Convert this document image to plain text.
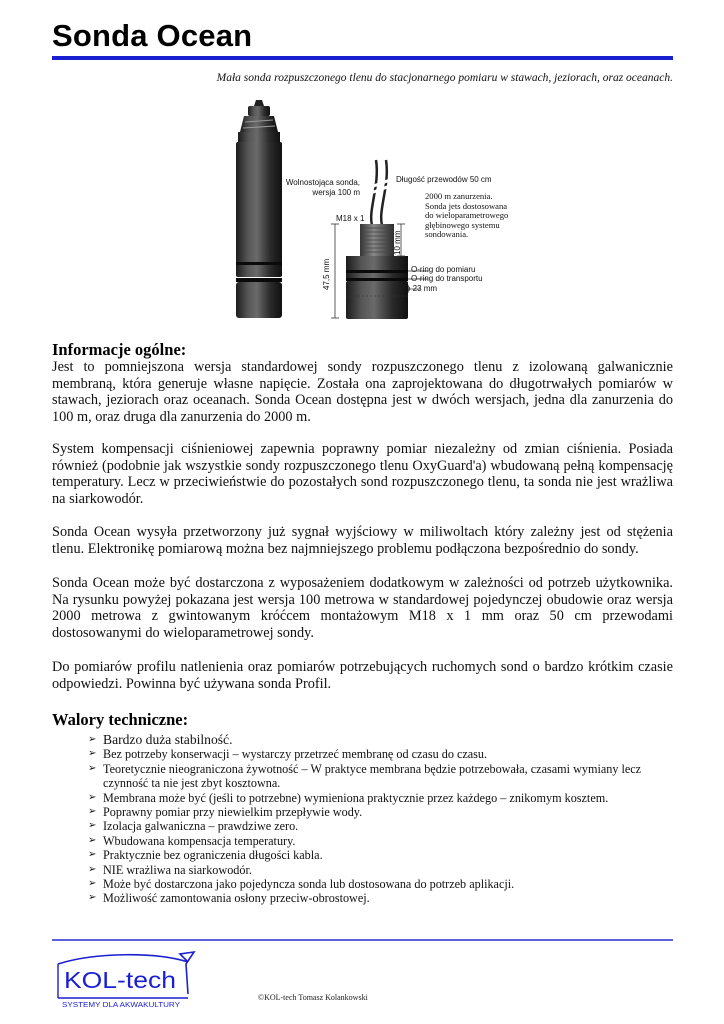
Sonda Ocean
Mała sonda rozpuszczonego tlenu do stacjonarnego pomiaru w stawach, jeziorach, oraz oceanach.
Wolnostojąca sonda,
wersja 100 m
Długość przewodów 50 cm
2000 m zanurzenia.
Sonda jets dostosowana
do wieloparametrowego
głębinowego systemu
sondowania.
M18 x 1
10 mm
47,5 mm	O-ring do pomiaru
O-ring do transportu
ɸ 23 mm
Informacje ogólne:

Jest to pomniejszona wersja standardowej sondy rozpuszczonego tlenu z izolowaną galwanicznie membraną, która generuje własne napięcie. Została ona zaprojektowana do długotrwałych pomiarów w stawach, jeziorach oraz oceanach. Sonda Ocean dostępna jest w dwóch wersjach, jedna dla zanurzenia do 100 m, oraz druga dla zanurzenia do 2000 m.

System kompensacji ciśnieniowej zapewnia poprawny pomiar niezależny od zmian ciśnienia. Posiada również (podobnie jak wszystkie sondy rozpuszczonego tlenu OxyGuard'a) wbudowaną pełną kompensację temperatury. Lecz w przeciwieństwie do pozostałych sond rozpuszczonego tlenu, ta sonda nie jest wrażliwa na siarkowodór.

Sonda Ocean wysyła przetworzony już sygnał wyjściowy w miliwoltach który zależny jest od stężenia tlenu. Elektronikę pomiarową można bez najmniejszego problemu podłączona bezpośrednio do sondy.

Sonda Ocean może być dostarczona z wyposażeniem dodatkowym w zależności od potrzeb użytkownika. Na rysunku powyżej pokazana jest wersja 100 metrowa w standardowej pojedynczej obudowie oraz wersja 2000 metrowa z gwintowanym króćcem montażowym M18 x 1 mm oraz 50 cm przewodami dostosowanymi do wieloparametrowej sondy.

Do pomiarów profilu natlenienia oraz pomiarów potrzebujących ruchomych sond o bardzo krótkim czasie odpowiedzi. Powinna być używana sonda Profil.

Walory techniczne:
➢ Bardzo duża stabilność.
➢ Bez potrzeby konserwacji – wystarczy przetrzeć membranę od czasu do czasu.
➢ Teoretycznie nieograniczona żywotność – W praktyce membrana będzie potrzebowała, czasami wymiany lecz czynność ta nie jest zbyt kosztowna.
➢ Membrana może być (jeśli to potrzebne) wymieniona praktycznie przez każdego – znikomym kosztem.
➢ Poprawny pomiar przy niewielkim przepływie wody.
➢ Izolacja galwaniczna – prawdziwe zero.
➢ Wbudowana kompensacja temperatury.
➢ Praktycznie bez ograniczenia długości kabla.
➢ NIE wrażliwa na siarkowodór.
➢ Może być dostarczona jako pojedyncza sonda lub dostosowana do potrzeb aplikacji.
➢ Możliwość zamontowania osłony przeciw-obrostowej.
KOL-tech
SYSTEMY DLA AKWAKULTURY
©KOL-tech Tomasz Kolankowski
